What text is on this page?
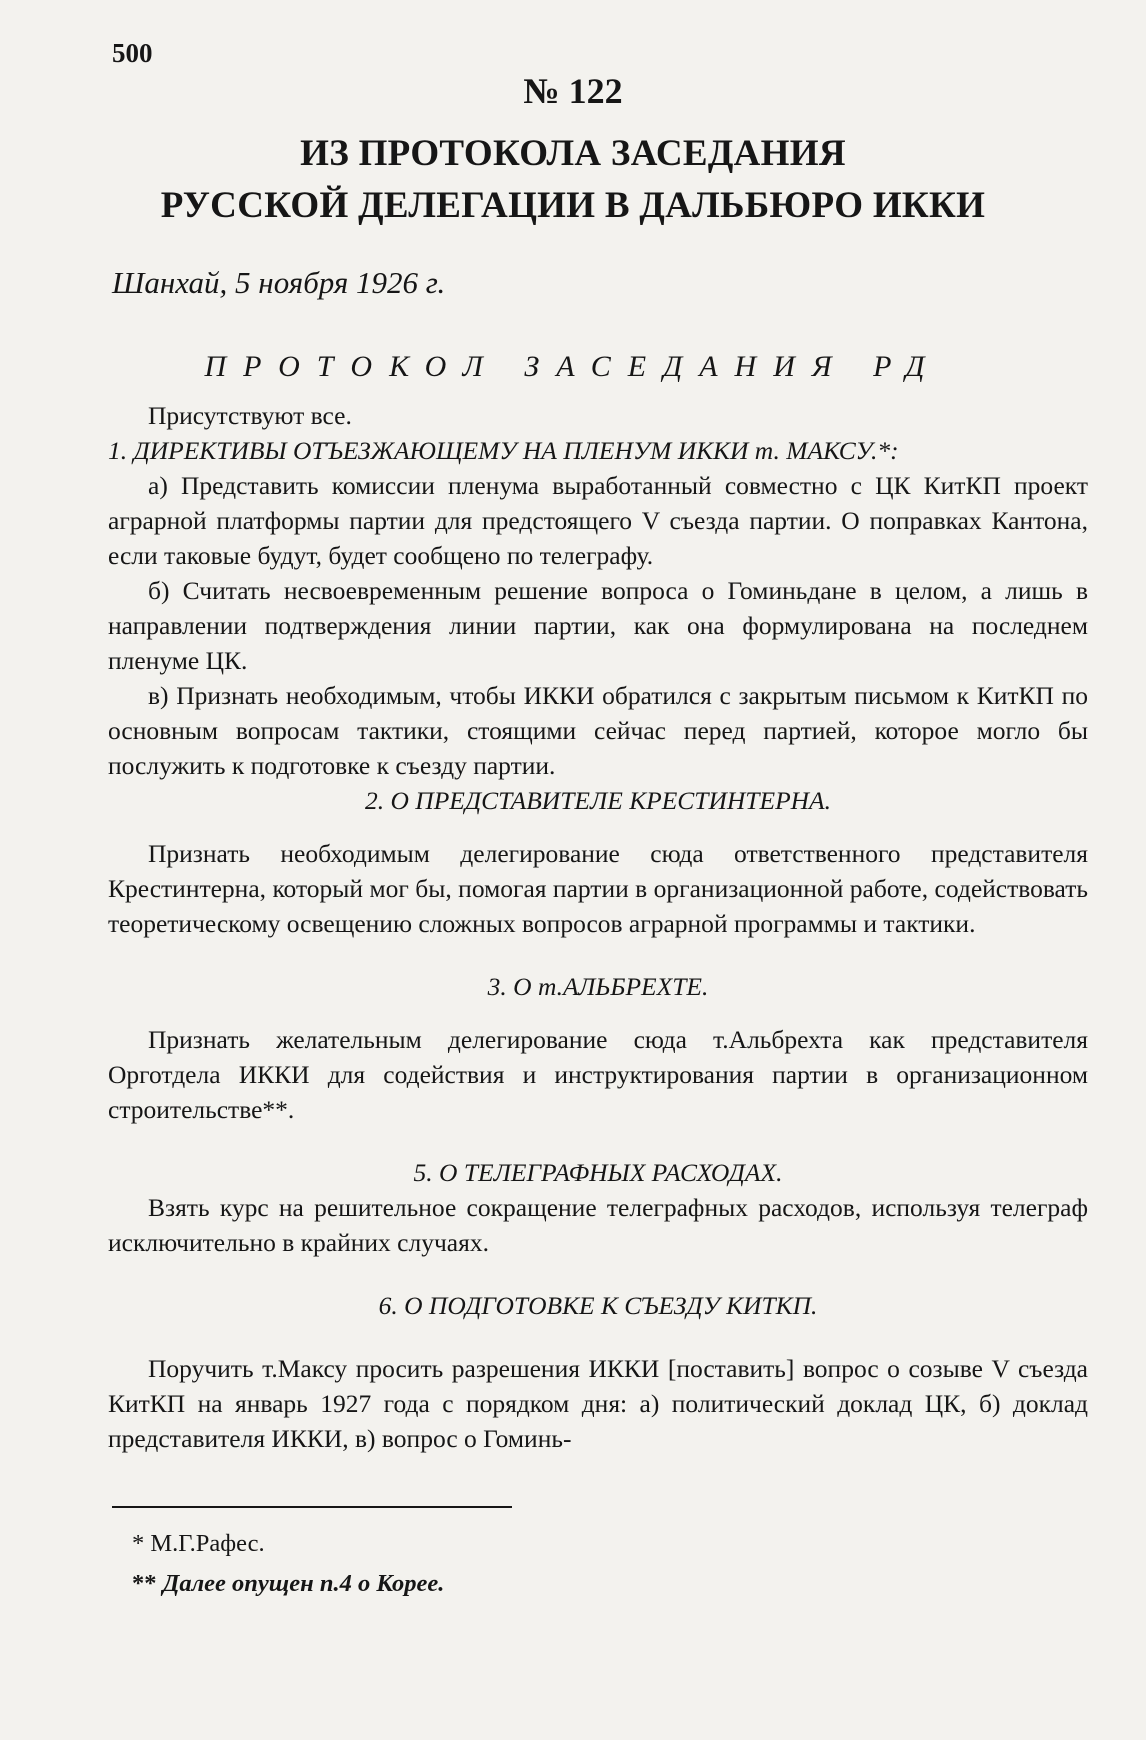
500
№ 122
ИЗ ПРОТОКОЛА ЗАСЕДАНИЯ
РУССКОЙ ДЕЛЕГАЦИИ В ДАЛЬБЮРО ИККИ
Шанхай, 5 ноября 1926 г.
ПРОТОКОЛ ЗАСЕДАНИЯ РД

Присутствуют все.

1. ДИРЕКТИВЫ ОТЪЕЗЖАЮЩЕМУ НА ПЛЕНУМ ИККИ т. МАКСУ.*:

а) Представить комиссии пленума выработанный совместно с ЦК КитКП проект аграрной платформы партии для предстоящего V съезда партии. О поправках Кантона, если таковые будут, будет сообщено по телеграфу.

б) Считать несвоевременным решение вопроса о Гоминьдане в целом, а лишь в направлении подтверждения линии партии, как она формулирована на последнем пленуме ЦК.

в) Признать необходимым, чтобы ИККИ обратился с закрытым письмом к КитКП по основным вопросам тактики, стоящими сейчас перед партией, которое могло бы послужить к подготовке к съезду партии.

2. О ПРЕДСТАВИТЕЛЕ КРЕСТИНТЕРНА.

Признать необходимым делегирование сюда ответственного представителя Крестинтерна, который мог бы, помогая партии в организационной работе, содействовать теоретическому освещению сложных вопросов аграрной программы и тактики.

3. О т.АЛЬБРЕХТЕ.

Признать желательным делегирование сюда т.Альбрехта как представителя Орготдела ИККИ для содействия и инструктирования партии в организационном строительстве**.

5. О ТЕЛЕГРАФНЫХ РАСХОДАХ.

Взять курс на решительное сокращение телеграфных расходов, используя телеграф исключительно в крайних случаях.

6. О ПОДГОТОВКЕ К СЪЕЗДУ КИТКП.

Поручить т.Максу просить разрешения ИККИ [поставить] вопрос о созыве V съезда КитКП на январь 1927 года с порядком дня: а) политический доклад ЦК, б) доклад представителя ИККИ, в) вопрос о Гоминь-

* М.Г.Рафес.
** Далее опущен п.4 о Корее.
